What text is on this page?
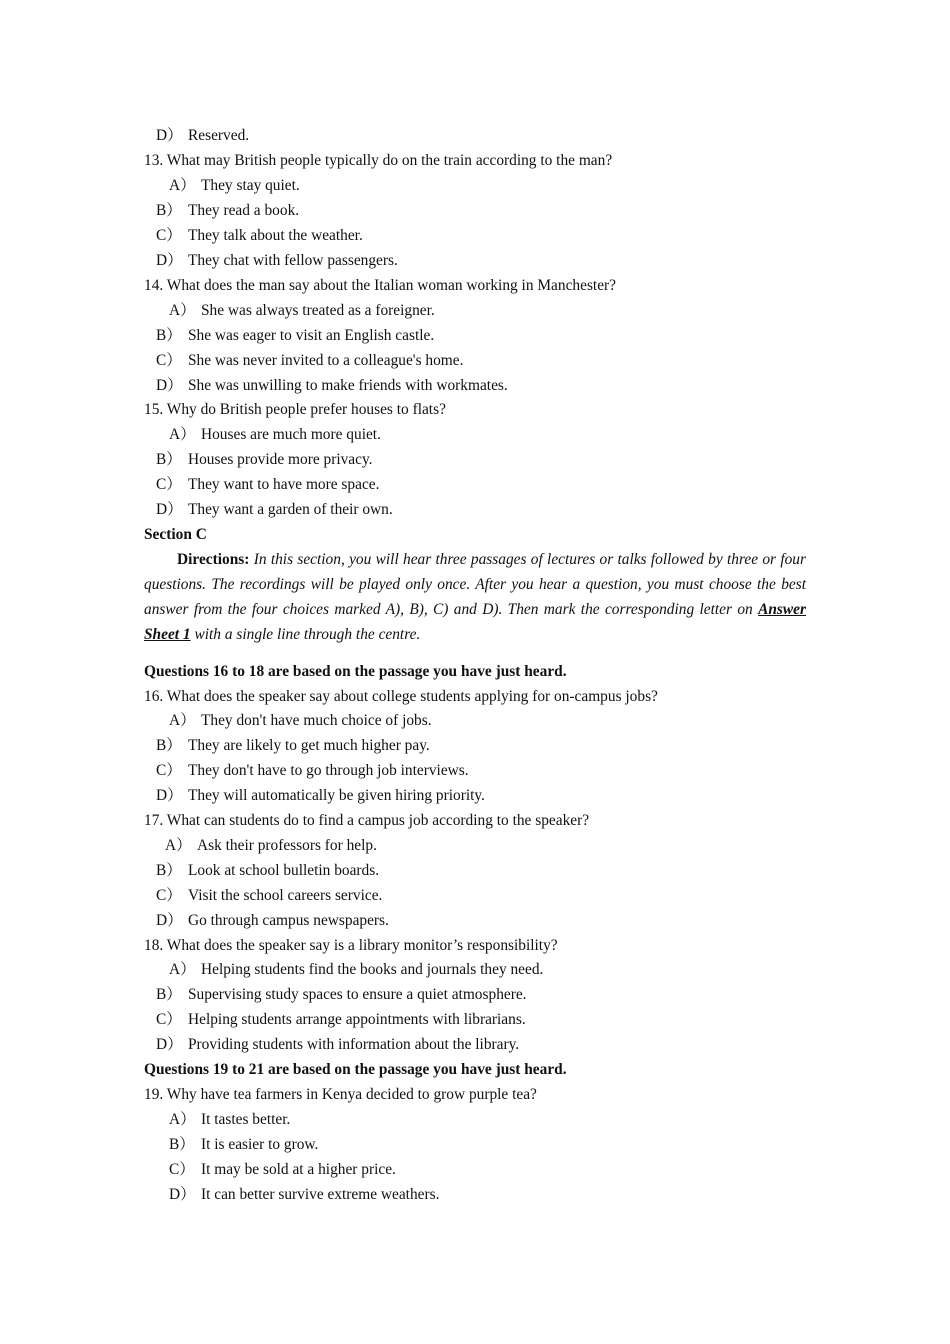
D） Reserved.
13. What may British people typically do on the train according to the man?
A） They stay quiet.
B） They read a book.
C） They talk about the weather.
D） They chat with fellow passengers.
14. What does the man say about the Italian woman working in Manchester?
A） She was always treated as a foreigner.
B） She was eager to visit an English castle.
C） She was never invited to a colleague's home.
D） She was unwilling to make friends with workmates.
15. Why do British people prefer houses to flats?
A） Houses are much more quiet.
B） Houses provide more privacy.
C） They want to have more space.
D） They want a garden of their own.
Section C
Directions: In this section, you will hear three passages of lectures or talks followed by three or four questions. The recordings will be played only once. After you hear a question, you must choose the best answer from the four choices marked A), B), C) and D). Then mark the corresponding letter on Answer Sheet 1 with a single line through the centre.
Questions 16 to 18 are based on the passage you have just heard.
16. What does the speaker say about college students applying for on-campus jobs?
A） They don't have much choice of jobs.
B） They are likely to get much higher pay.
C） They don't have to go through job interviews.
D） They will automatically be given hiring priority.
17. What can students do to find a campus job according to the speaker?
A） Ask their professors for help.
B） Look at school bulletin boards.
C） Visit the school careers service.
D） Go through campus newspapers.
18. What does the speaker say is a library monitor’s responsibility?
A） Helping students find the books and journals they need.
B） Supervising study spaces to ensure a quiet atmosphere.
C） Helping students arrange appointments with librarians.
D） Providing students with information about the library.
Questions 19 to 21 are based on the passage you have just heard.
19. Why have tea farmers in Kenya decided to grow purple tea?
A） It tastes better.
B） It is easier to grow.
C） It may be sold at a higher price.
D） It can better survive extreme weathers.
